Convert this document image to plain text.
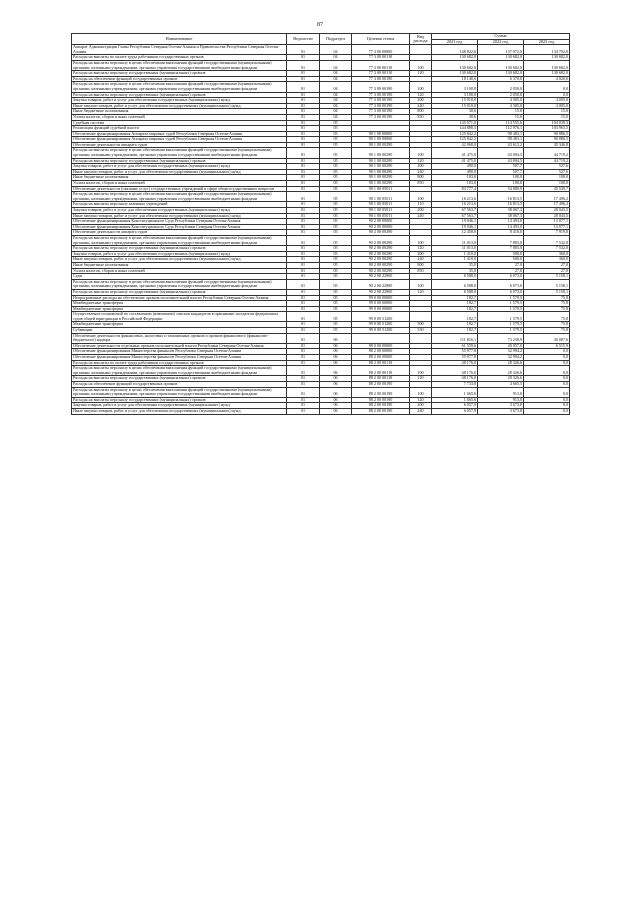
87
Наименование	Ведомство	Подраздел	Целевая статья	Вид расхода	Сумма		
					2021 год	2022 год	2023 год
Аппарат Администрации Главы Республики Северная Осетия-Алания и Правительства Республики Северная Осетия-Алания	01	04	77 3 00 00000		148 822,6	137 072,0	134 702,0
Расходы на выплаты по оплате труда работников государственных органов	01	04	77 3 00 00110		130 682,0	130 682,0	130 682,0
Расходы на выплаты персоналу в целях обеспечения выполнения функций государственными (муниципальными) органами, казенными учреждениями, органами управления государственными внебюджетными фондами	01	04	77 3 00 00110	100	130 682,0	130 682,0	130 682,0
Расходы на выплаты персоналу государственных (муниципальных) органов	01	04	77 3 00 00110	120	130 682,0	130 682,0	130 682,0
Расходы на обеспечение функций государственных органов	01	04	77 3 00 00190		18 140,6	6 370,0	4 020,0
Расходы на выплаты персоналу в целях обеспечения выполнения функций государственными (муниципальными) органами, казенными учреждениями, органами управления государственными внебюджетными фондами	01	04	77 3 00 00190	100	3 100,0	2 050,0	0,0
Расходы на выплаты персоналу государственных (муниципальных) органов	01	04	77 3 00 00190	120	3 100,0	2 050,0	0,0
Закупка товаров, работ и услуг для обеспечения государственных (муниципальных) нужд	01	04	77 3 00 00190	200	15 010,0	4 305,0	4 005,0
Иные закупки товаров, работ и услуг для обеспечения государственных (муниципальных) нужд	01	04	77 3 00 00190	240	15 010,0	4 305,0	4 005,0
Иные бюджетные ассигнования	01	04	77 3 00 00190	800	30,6	15,0	15,0
Уплата налогов, сборов и иных платежей	01	04	77 3 00 00190	850	30,6	15,0	15,0
Судебная система	01	05			145 071,0	114 555,6	104 039,3
Реализация функций судебной власти	01	05			144 888,3	112 976,1	103 963,5
Обеспечение функционирования Аппарата мировых судей Республики Северная Осетия-Алания	01	05	90 1 00 00000		125 842,2	98 483,1	90 886,5
Обеспечение функционирования Аппарата мировых судей Республики Северная Осетия-Алания	01	05	90 1 00 00000		125 842,2	98 483,1	90 886,5
Обеспечение деятельности аппарата судов	01	05	90 1 00 00290		42 068,0	43 612,2	45 346,8
Расходы на выплаты персоналу в целях обеспечения выполнения функций государственными (муниципальными) органами, казенными учреждениями, органами управления государственными внебюджетными фондами	01	05	90 1 00 00290	100	41 475,0	43 004,5	44 719,2
Расходы на выплаты персоналу государственных (муниципальных) органов	01	05	90 1 00 00290	120	41 475,0	43 004,5	44 719,2
Закупка товаров, работ и услуг для обеспечения государственных (муниципальных) нужд	01	05	90 1 00 00290	200	490,0	507,7	527,6
Иные закупки товаров, работ и услуг для обеспечения государственных (муниципальных) нужд	01	05	90 1 00 00290	240	490,0	507,7	527,6
Иные бюджетные ассигнования	01	05	90 1 00 00290	800	103,0	100,0	100,0
Уплата налогов, сборов и иных платежей	01	05	90 1 00 00290	850	103,0	100,0	100,0
Обеспечение деятельности (оказание услуг) государственных учреждений в сфере общегосударственных вопросов	01	05	90 1 00 05011		83 777,4	54 880,9	45 539,7
Расходы на выплаты персоналу в целях обеспечения выполнения функций государственными (муниципальными) органами, казенными учреждениями, органами управления государственными внебюджетными фондами	01	05	90 1 00 05011	100	16 213,6	16 813,5	17 496,2
Расходы на выплаты персоналу казенных учреждений	01	05	90 1 00 05011	110	16 213,6	16 813,5	17 496,2
Закупка товаров, работ и услуг для обеспечения государственных (муниципальных) нужд	01	05	90 1 00 05011	200	67 563,7	38 067,3	28 043,5
Иные закупки товаров, работ и услуг для обеспечения государственных (муниципальных) нужд	01	05	90 1 00 05011	240	67 563,7	38 067,3	28 043,5
Обеспечение функционирования Конституционного Суда Республики Северная Осетия-Алания	01	05	90 2 00 00000		19 046,1	14 493,0	13 077,1
Обеспечение функционирования Конституционного Суда Республики Северная Осетия-Алания	01	05	90 2 00 00000		19 046,1	14 493,0	13 077,1
Обеспечение деятельности аппарата судов	01	05	90 2 00 00290		12 458,0	8 410,0	7 919,0
Расходы на выплаты персоналу в целях обеспечения выполнения функций государственными (муниципальными) органами, казенными учреждениями, органами управления государственными внебюджетными фондами	01	05	90 2 00 00290	100	11 013,0	7 883,0	7 532,0
Расходы на выплаты персоналу государственных (муниципальных) органов	01	05	90 2 00 00290	120	11 013,0	7 883,0	7 532,0
Закупка товаров, работ и услуг для обеспечения государственных (муниципальных) нужд	01	05	90 2 00 00290	200	1 410,0	500,0	360,0
Иные закупки товаров, работ и услуг для обеспечения государственных (муниципальных) нужд	01	05	90 2 00 00290	240	1 410,0	500,0	360,0
Иные бюджетные ассигнования	01	05	90 2 00 00290	800	35,0	27,0	27,0
Уплата налогов, сборов и иных платежей	01	05	90 2 00 00290	850	35,0	27,0	27,0
Суды	01	05	90 2 00 22900		6 588,0	6 073,0	5 158,1
Расходы на выплаты персоналу в целях обеспечения выполнения функций государственными (муниципальными) органами, казенными учреждениями, органами управления государственными внебюджетными фондами	01	05	90 2 00 22900	100	6 588,0	6 073,0	5 158,1
Расходы на выплаты персоналу государственных (муниципальных) органов	01	05	90 2 00 22900	120	6 588,0	6 073,0	5 158,1
Непрограммные расходы на обеспечение органов исполнительной власти Республики Северная Осетия-Алания	01	05	99 0 00 00000		182,7	1 579,5	75,8
Межбюджетные трансферты	01	05	99 0 00 00000		182,7	1 579,5	75,8
Межбюджетные трансферты	01	05	99 0 00 00000		182,7	1 579,5	75,8
Осуществление полномочий по составлению (изменению) списков кандидатов в присяжные заседатели федеральных судов общей юрисдикции в Российской Федерации	01	05	99 0 00 51200		182,7	1 579,5	75,8
Межбюджетные трансферты	01	05	99 0 00 51200	500	182,7	1 579,5	75,8
Субвенции	01	05	99 0 00 51200	530	182,7	1 579,5	75,8
Обеспечение деятельности финансовых, налоговых и таможенных органов и органов финансового (финансово-бюджетного) надзора	01	06			111 816,1	73 230,9	30 007,6
Обеспечение деятельности отдельных органов исполнительной власти Республики Северная Осетия-Алания	01	06	88 0 00 00000		61 559,6	40 057,0	6 515,9
Обеспечение функционирования Министерства финансов Республики Северная Осетия-Алания	01	06	88 2 00 00000		55 977,8	32 994,2	0,0
Обеспечение функционирования Министерства финансов Республики Северная Осетия-Алания	01	06	88 2 00 00000		55 977,8	32 994,2	0,0
Расходы на выплаты по оплате труда работников государственных органов	01	06	88 2 00 00110		48 176,0	28 326,6	0,0
Расходы на выплаты персоналу в целях обеспечения выполнения функций государственными (муниципальными) органами, казенными учреждениями, органами управления государственными внебюджетными фондами	01	06	88 2 00 00110	100	48 176,0	28 326,6	0,0
Расходы на выплаты персоналу государственных (муниципальных) органов	01	06	88 2 00 00110	120	48 176,0	28 326,6	0,0
Расходы на обеспечение функций государственных органов	01	06	88 2 00 00190		7 733,8	4 665,5	0,0
Расходы на выплаты персоналу в целях обеспечения выполнения функций государственными (муниципальными) органами, казенными учреждениями, органами управления государственными внебюджетными фондами	01	06	88 2 00 00190	100	1 665,6	913,0	0,0
Расходы на выплаты персоналу государственных (муниципальных) органов	01	06	88 2 00 00190	120	1 665,6	913,0	0,0
Закупка товаров, работ и услуг для обеспечения государственных (муниципальных) нужд	01	06	88 2 00 00190	200	6 057,9	3 673,8	0,0
Иные закупки товаров, работ и услуг для обеспечения государственных (муниципальных) нужд	01	06	88 2 00 00190	240	6 057,9	3 673,8	0,0
